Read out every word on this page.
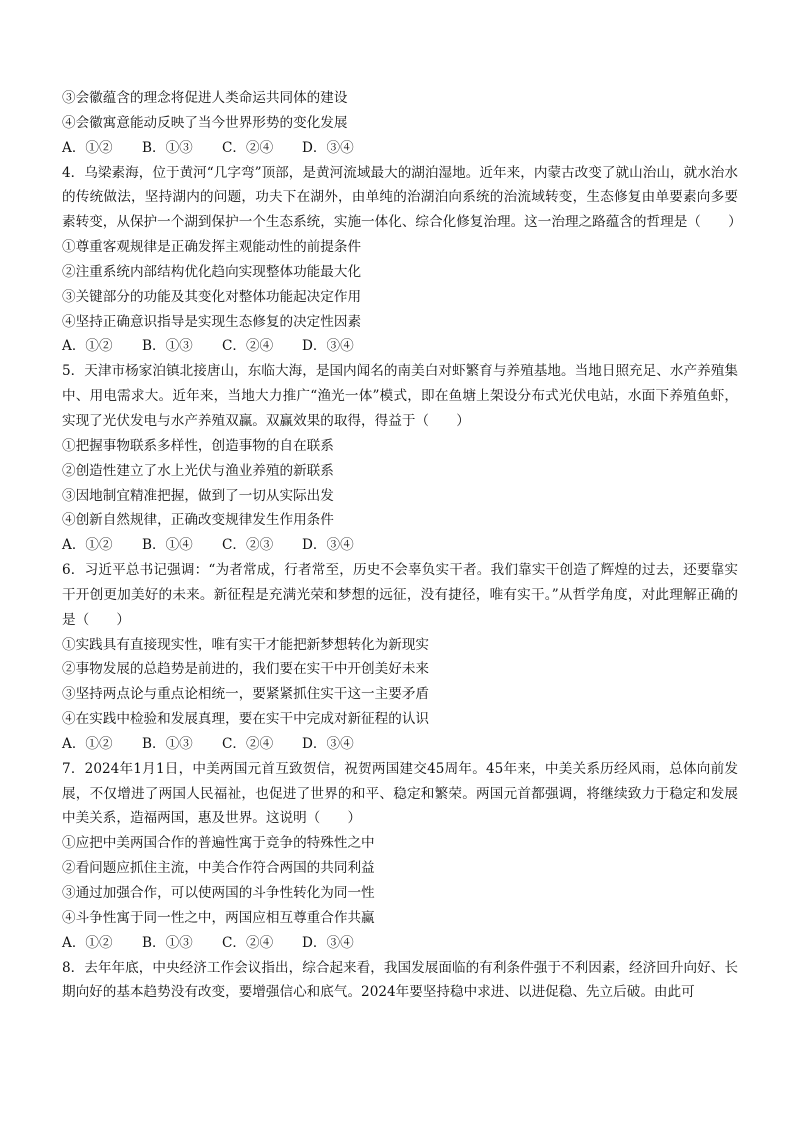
③会徽蕴含的理念将促进人类命运共同体的建设
④会徽寓意能动反映了当今世界形势的变化发展
A．①②	B．①③	C．②④	D．③④
4．乌梁素海，位于黄河“几字弯”顶部，是黄河流域最大的湖泊湿地。近年来，内蒙古改变了就山治山，就水治水的传统做法，坚持湖内的问题，功夫下在湖外，由单纯的治湖泊向系统的治流域转变，生态修复由单要素向多要素转变，从保护一个湖到保护一个生态系统，实施一体化、综合化修复治理。这一治理之路蕴含的哲理是（　　）
①尊重客观规律是正确发挥主观能动性的前提条件
②注重系统内部结构优化趋向实现整体功能最大化
③关键部分的功能及其变化对整体功能起决定作用
④坚持正确意识指导是实现生态修复的决定性因素
A．①②	B．①③	C．②④	D．③④
5．天津市杨家泊镇北接唐山，东临大海，是国内闻名的南美白对虾繁育与养殖基地。当地日照充足、水产养殖集中、用电需求大。近年来，当地大力推广“渔光一体”模式，即在鱼塘上架设分布式光伏电站，水面下养殖鱼虾，实现了光伏发电与水产养殖双赢。双赢效果的取得，得益于（　　）
①把握事物联系多样性，创造事物的自在联系
②创造性建立了水上光伏与渔业养殖的新联系
③因地制宜精准把握，做到了一切从实际出发
④创新自然规律，正确改变规律发生作用条件
A．①②	B．①④	C．②③	D．③④
6．习近平总书记强调：“为者常成，行者常至，历史不会辜负实干者。我们靠实干创造了辉煌的过去，还要靠实干开创更加美好的未来。新征程是充满光荣和梦想的远征，没有捷径，唯有实干。”从哲学角度，对此理解正确的是（　　）
①实践具有直接现实性，唯有实干才能把新梦想转化为新现实
②事物发展的总趋势是前进的，我们要在实干中开创美好未来
③坚持两点论与重点论相统一，要紧紧抓住实干这一主要矛盾
④在实践中检验和发展真理，要在实干中完成对新征程的认识
A．①②	B．①③	C．②④	D．③④
7．2024年1月1日，中美两国元首互致贺信，祝贺两国建交45周年。45年来，中美关系历经风雨，总体向前发展，不仅增进了两国人民福祉，也促进了世界的和平、稳定和繁荣。两国元首都强调，将继续致力于稳定和发展中美关系，造福两国，惠及世界。这说明（　　）
①应把中美两国合作的普遍性寓于竞争的特殊性之中
②看问题应抓住主流，中美合作符合两国的共同利益
③通过加强合作，可以使两国的斗争性转化为同一性
④斗争性寓于同一性之中，两国应相互尊重合作共赢
A．①②	B．①③	C．②④	D．③④
8．去年年底，中央经济工作会议指出，综合起来看，我国发展面临的有利条件强于不利因素，经济回升向好、长期向好的基本趋势没有改变，要增强信心和底气。2024年要坚持稳中求进、以进促稳、先立后破。由此可
